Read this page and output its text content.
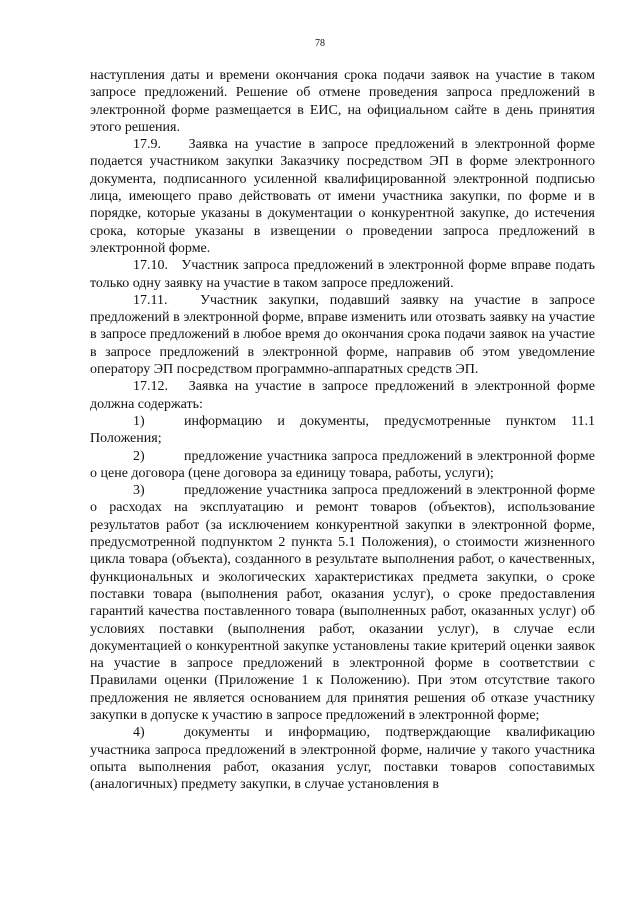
78

наступления даты и времени окончания срока подачи заявок на участие в таком запросе предложений. Решение об отмене проведения запроса предложений в электронной форме размещается в ЕИС, на официальном сайте в день принятия этого решения.

17.9.    Заявка на участие в запросе предложений в электронной форме подается участником закупки Заказчику посредством ЭП в форме электронного документа, подписанного усиленной квалифицированной электронной подписью лица, имеющего право действовать от имени участника закупки, по форме и в порядке, которые указаны в документации о конкурентной закупке, до истечения срока, которые указаны в извещении о проведении запроса предложений в электронной форме.

17.10.   Участник запроса предложений в электронной форме вправе подать только одну заявку на участие в таком запросе предложений.

17.11.   Участник закупки, подавший заявку на участие в запросе предложений в электронной форме, вправе изменить или отозвать заявку на участие в запросе предложений в любое время до окончания срока подачи заявок на участие в запросе предложений в электронной форме, направив об этом уведомление оператору ЭП посредством программно-аппаратных средств ЭП.

17.12.   Заявка на участие в запросе предложений в электронной форме должна содержать:

1)	информацию и документы, предусмотренные пунктом 11.1 Положения;

2)	предложение участника запроса предложений в электронной форме о цене договора (цене договора за единицу товара, работы, услуги);

3)	предложение участника запроса предложений в электронной форме о расходах на эксплуатацию и ремонт товаров (объектов), использование результатов работ (за исключением конкурентной закупки в электронной форме, предусмотренной подпунктом 2 пункта 5.1 Положения), о стоимости жизненного цикла товара (объекта), созданного в результате выполнения работ, о качественных, функциональных и экологических характеристиках предмета закупки, о сроке поставки товара (выполнения работ, оказания услуг), о сроке предоставления гарантий качества поставленного товара (выполненных работ, оказанных услуг) об условиях поставки (выполнения работ, оказании услуг), в случае если документацией о конкурентной закупке установлены такие критерий оценки заявок на участие в запросе предложений в электронной форме в соответствии с Правилами оценки (Приложение 1 к Положению). При этом отсутствие такого предложения не является основанием для принятия решения об отказе участнику закупки в допуске к участию в запросе предложений в электронной форме;

4)	документы и информацию, подтверждающие квалификацию участника запроса предложений в электронной форме, наличие у такого участника опыта выполнения работ, оказания услуг, поставки товаров сопоставимых (аналогичных) предмету закупки, в случае установления в
